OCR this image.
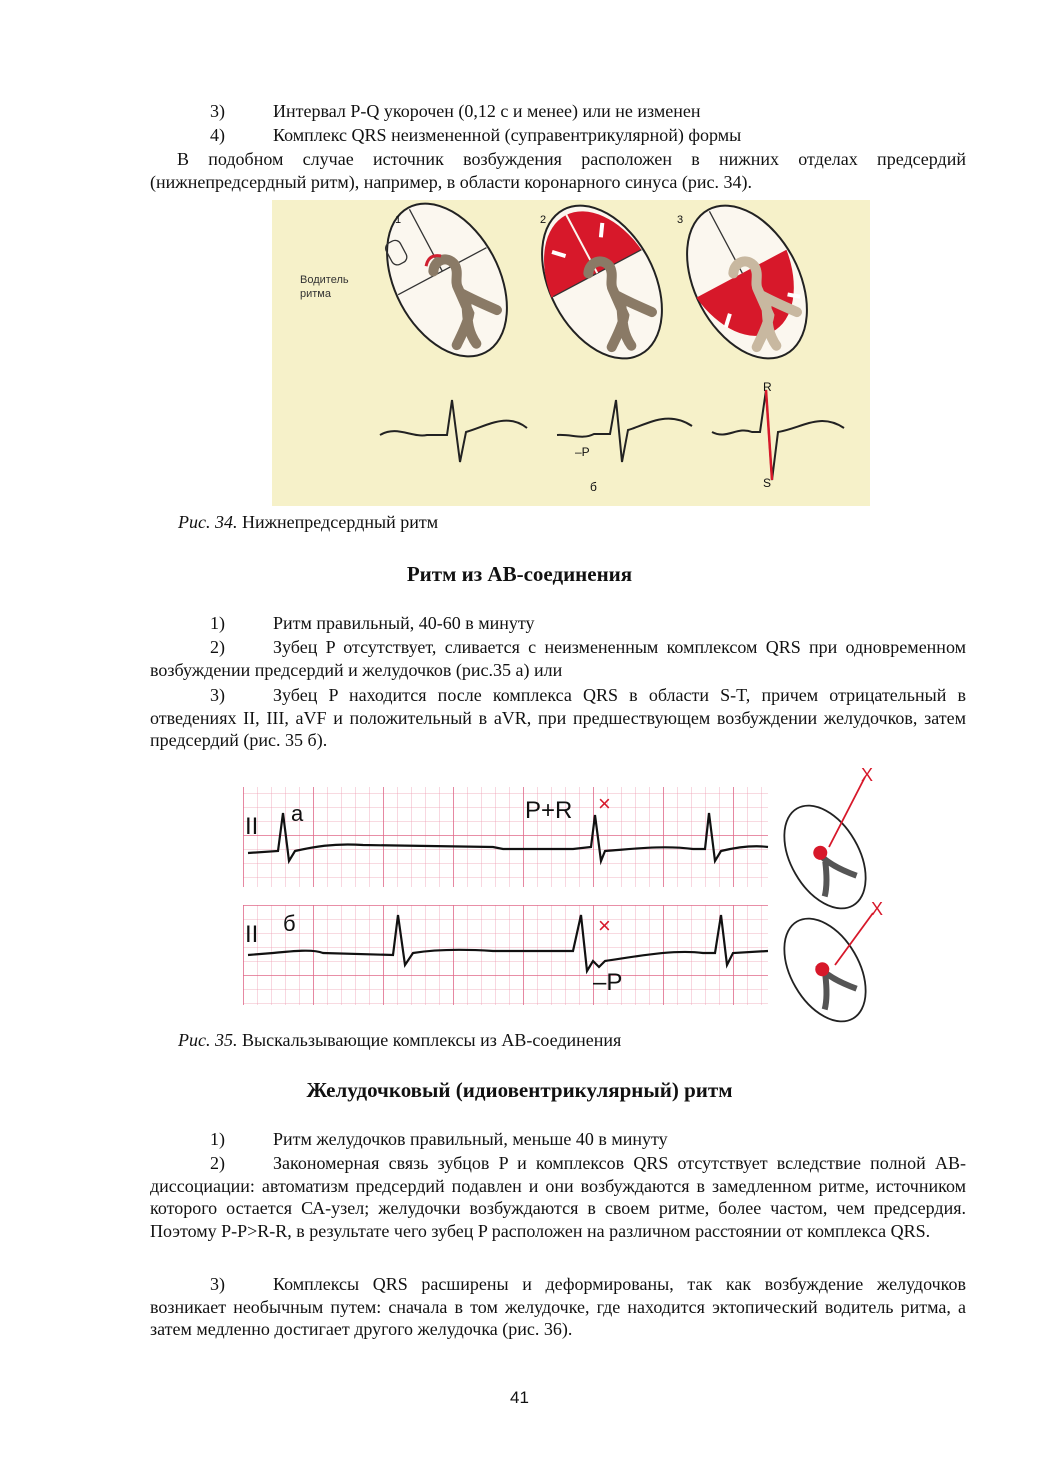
3)	Интервал P-Q укорочен (0,12 с и менее) или не изменен
4)	Комплекс QRS неизмененной (суправентрикулярной) формы
В подобном случае источник возбуждения расположен в нижних отделах предсердий (нижнепредсердный ритм), например, в области коронарного синуса (рис. 34).
1	2	3
Водитель
ритма
–P
б
R
S
Рис. 34. Нижнепредсердный ритм
Ритм из АВ-соединения
1)	Ритм правильный, 40-60 в минуту
2)	Зубец P отсутствует, сливается с неизмененным комплексом QRS при одновременном возбуждении предсердий и желудочков (рис.35 а) или
3)	Зубец P находится после комплекса QRS в области S-T, причем отрицательный в отведениях II, III, aVF и положительный в aVR, при предшествующем возбуждении желудочков, затем предсердий (рис. 35 б).
II а	P+R ×
II б	×
–P
X
X
Рис. 35. Выскальзывающие комплексы из АВ-соединения
Желудочковый (идиовентрикулярный) ритм
1)	Ритм желудочков правильный, меньше 40 в минуту
2)	Закономерная связь зубцов P и комплексов QRS отсутствует вследствие полной АВ-диссоциации: автоматизм предсердий подавлен и они возбуждаются в замедленном ритме, источником которого остается СА-узел; желудочки возбуждаются в своем ритме, более частом, чем предсердия. Поэтому P-P>R-R, в результате чего зубец P расположен на различном расстоянии от комплекса QRS.
3)	Комплексы QRS расширены и деформированы, так как возбуждение желудочков возникает необычным путем: сначала в том желудочке, где находится эктопический водитель ритма, а затем медленно достигает другого желудочка (рис. 36).
41
